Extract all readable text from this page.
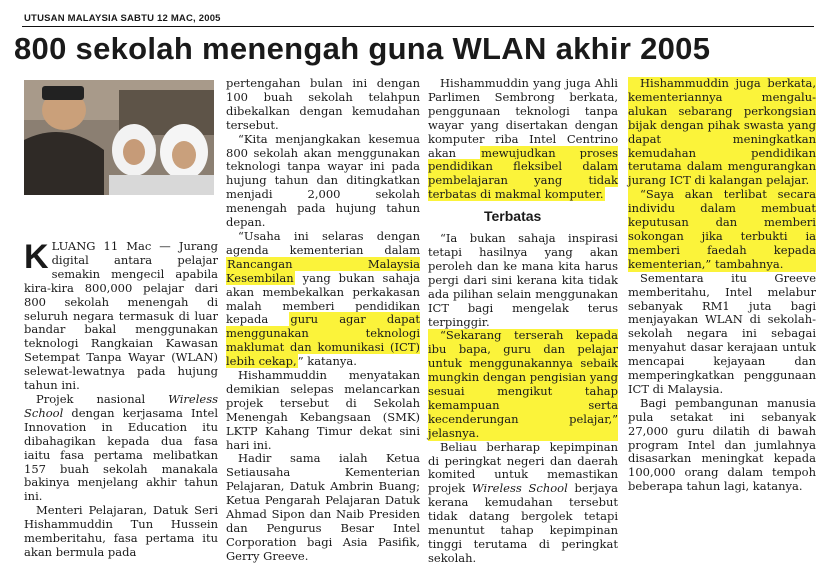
UTUSAN MALAYSIA SABTU 12 MAC, 2005
800 sekolah menengah guna WLAN akhir 2005

KLUANG 11 Mac — Jurang digital antara pelajar semakin mengecil apabila kira-kira 800,000 pelajar dari 800 sekolah menengah di seluruh negara termasuk di luar bandar bakal menggunakan teknologi Rangkaian Kawasan Setempat Tanpa Wayar (WLAN) selewat-lewatnya pada hujung tahun ini.

Projek nasional Wireless School dengan kerjasama Intel Innovation in Education itu dibahagikan kepada dua fasa iaitu fasa pertama melibatkan 157 buah sekolah manakala bakinya menjelang akhir tahun ini.

Menteri Pelajaran, Datuk Seri Hishammuddin Tun Hussein memberitahu, fasa pertama itu akan bermula pada

pertengahan bulan ini dengan 100 buah sekolah telahpun dibekalkan dengan kemudahan tersebut.

“Kita menjangkakan kesemua 800 sekolah akan menggunakan teknologi tanpa wayar ini pada hujung tahun dan ditingkatkan menjadi 2,000 sekolah menengah pada hujung tahun depan.

“Usaha ini selaras dengan agenda kementerian dalam Rancangan Malaysia Kesembilan yang bukan sahaja akan membekalkan perkakasan malah memberi pendidikan kepada guru agar dapat menggunakan teknologi maklumat dan komunikasi (ICT) lebih cekap,” katanya.

Hishammuddin menyatakan demikian selepas melancarkan projek tersebut di Sekolah Menengah Kebangsaan (SMK) LKTP Kahang Timur dekat sini hari ini.

Hadir sama ialah Ketua Setiausaha Kementerian Pelajaran, Datuk Ambrin Buang; Ketua Pengarah Pelajaran Datuk Ahmad Sipon dan Naib Presiden dan Pengurus Besar Intel Corporation bagi Asia Pasifik, Gerry Greeve.

Hishammuddin yang juga Ahli Parlimen Sembrong berkata, penggunaan teknologi tanpa wayar yang disertakan dengan komputer riba Intel Centrino akan mewujudkan proses pendidikan fleksibel dalam pembelajaran yang tidak terbatas di makmal komputer.

Terbatas

“Ia bukan sahaja inspirasi tetapi hasilnya yang akan peroleh dan ke mana kita harus pergi dari sini kerana kita tidak ada pilihan selain menggunakan ICT bagi mengelak terus terpinggir.

“Sekarang terserah kepada ibu bapa, guru dan pelajar untuk menggunakannya sebaik mungkin dengan pengisian yang sesuai mengikut tahap kemampuan serta kecenderungan pelajar,” jelasnya.

Beliau berharap kepimpinan di peringkat negeri dan daerah komited untuk memastikan projek Wireless School berjaya kerana kemudahan tersebut tidak datang bergolek tetapi menuntut tahap kepimpinan tinggi terutama di peringkat sekolah.

Hishammuddin juga berkata, kementeriannya mengalu-alukan sebarang perkongsian bijak dengan pihak swasta yang dapat meningkatkan kemudahan pendidikan terutama dalam mengurangkan jurang ICT di kalangan pelajar.

“Saya akan terlibat secara individu dalam membuat keputusan dan memberi sokongan jika terbukti ia memberi faedah kepada kementerian,” tambahnya.

Sementara itu Greeve memberitahu, Intel melabur sebanyak RM1 juta bagi menjayakan WLAN di sekolah-sekolah negara ini sebagai menyahut dasar kerajaan untuk mencapai kejayaan dan memperingkatkan penggunaan ICT di Malaysia.

Bagi pembangunan manusia pula setakat ini sebanyak 27,000 guru dilatih di bawah program Intel dan jumlahnya disasarkan meningkat kepada 100,000 orang dalam tempoh beberapa tahun lagi, katanya.
